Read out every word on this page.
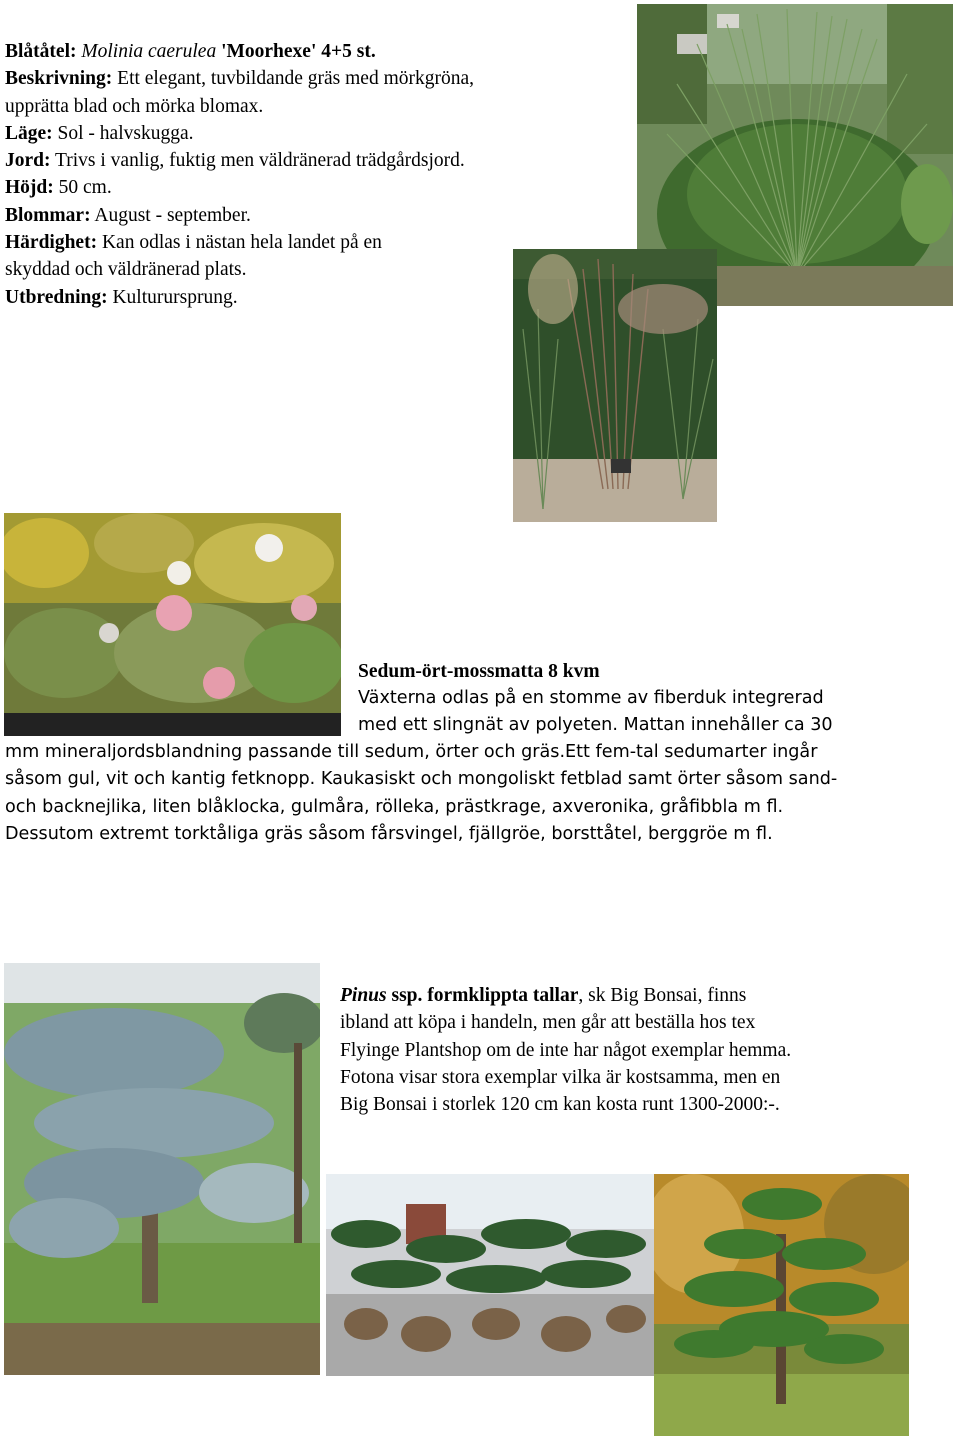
Blåtåtel: Molinia caerulea 'Moorhexe' 4+5 st.
Beskrivning: Ett elegant, tuvbildande gräs med mörkgröna,
upprätta blad och mörka blomax.
Läge: Sol - halvskugga.
Jord: Trivs i vanlig, fuktig men väldränerad trädgårdsjord.
Höjd: 50 cm.
Blommar: August - september.
Härdighet: Kan odlas i nästan hela landet på en
skyddad och väldränerad plats.
Utbredning: Kulturursprung.
Sedum-ört-mossmatta 8 kvm
Växterna odlas på en stomme av fiberduk integrerad
med ett slingnät av polyeten. Mattan innehåller ca 30
mm mineraljordsblandning passande till sedum, örter och gräs.Ett fem-tal sedumarter ingår
såsom gul, vit och kantig fetknopp. Kaukasiskt och mongoliskt fetblad samt örter såsom sand-
och backnejlika, liten blåklocka, gulmåra, rölleka, prästkrage, axveronika, gråfibbla m fl.
Dessutom extremt torktåliga gräs såsom fårsvingel, fjällgröe, borsttåtel, berggröe m fl.
Pinus ssp. formklippta tallar, sk Big Bonsai, finns
ibland att köpa i handeln, men går att beställa hos tex
Flyinge Plantshop om de inte har något exemplar hemma.
Fotona visar stora exemplar vilka är kostsamma, men en
Big Bonsai i storlek 120 cm kan kosta runt 1300-2000:-.
